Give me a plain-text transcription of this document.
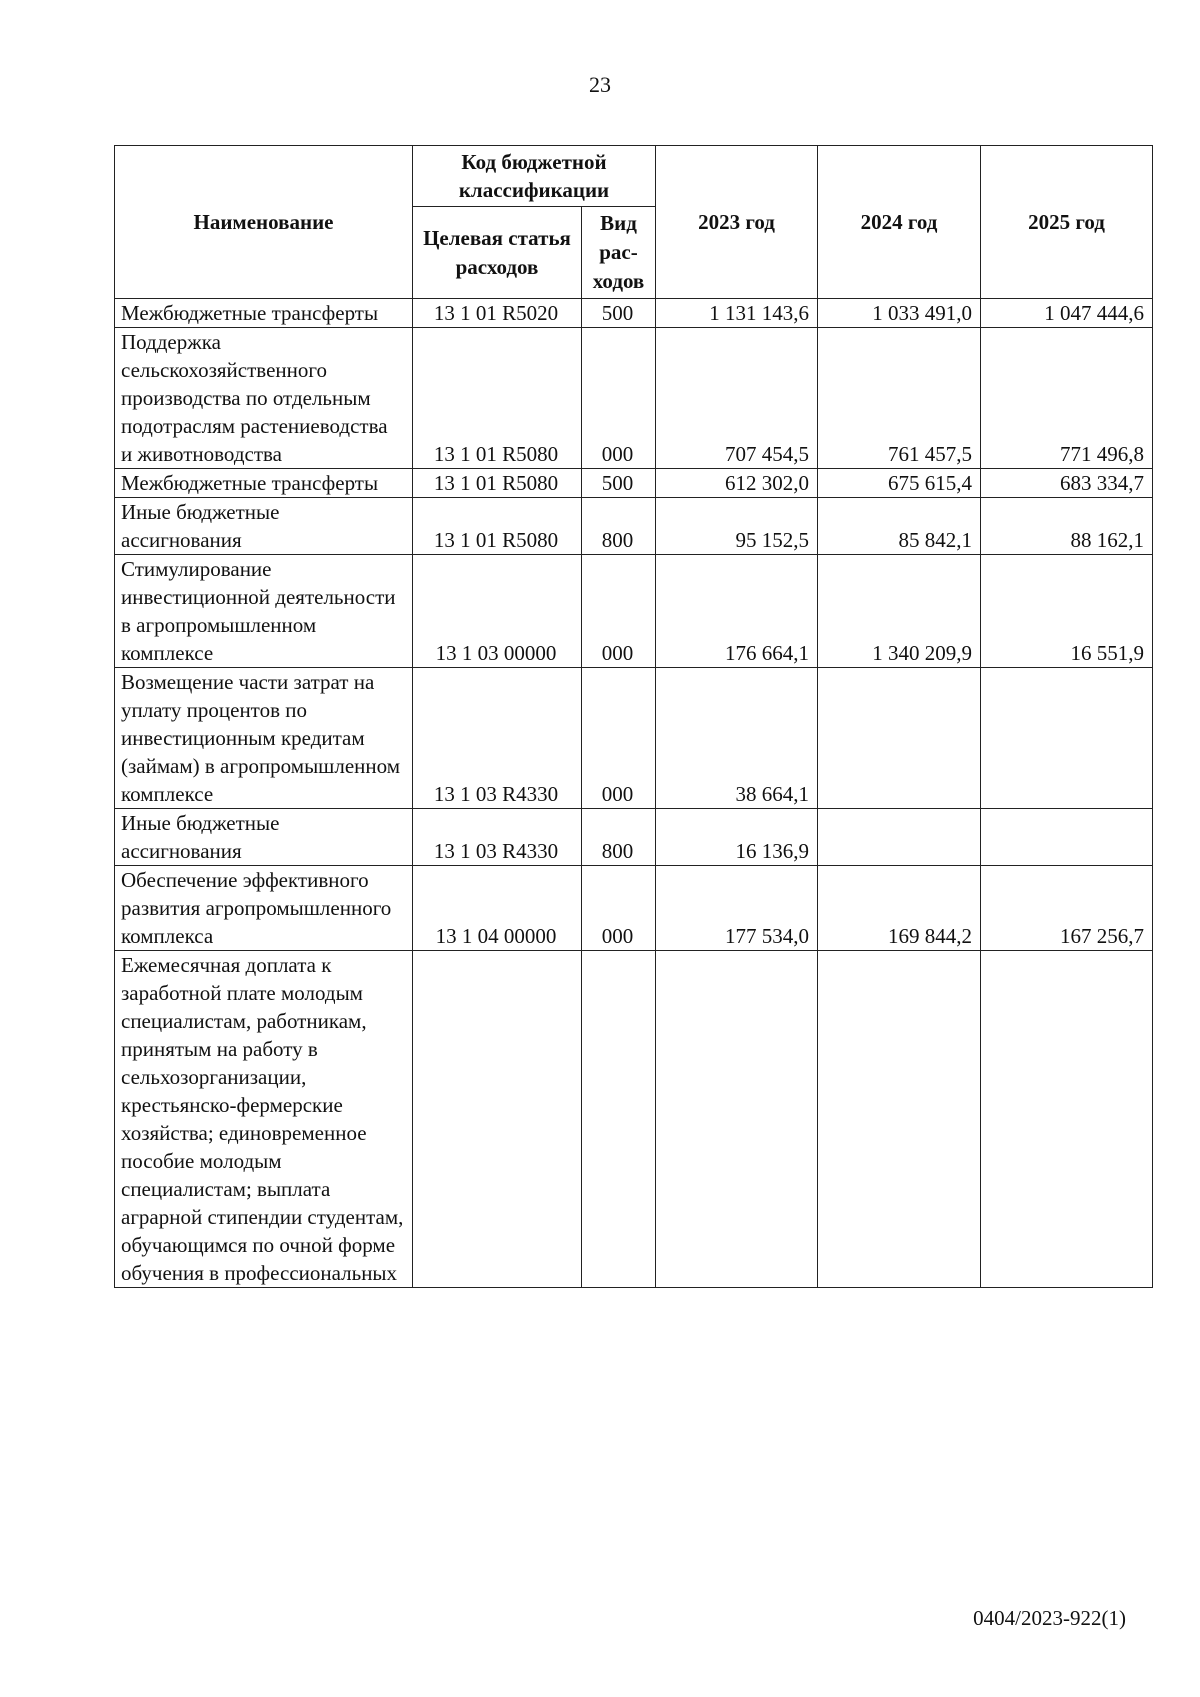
23
Наименование	Код бюджетной классификации		2023 год	2024 год	2025 год
	Целевая статья расходов	Вид рас-ходов			
Межбюджетные трансферты	13 1 01 R5020	500	1 131 143,6	1 033 491,0	1 047 444,6
Поддержка сельскохозяйственного производства по отдельным подотраслям растениеводства и животноводства	13 1 01 R5080	000	707 454,5	761 457,5	771 496,8
Межбюджетные трансферты	13 1 01 R5080	500	612 302,0	675 615,4	683 334,7
Иные бюджетные ассигнования	13 1 01 R5080	800	95 152,5	85 842,1	88 162,1
Стимулирование инвестиционной деятельности в агропромышленном комплексе	13 1 03 00000	000	176 664,1	1 340 209,9	16 551,9
Возмещение части затрат на уплату процентов по инвестиционным кредитам (займам) в агропромышленном комплексе	13 1 03 R4330	000	38 664,1		
Иные бюджетные ассигнования	13 1 03 R4330	800	16 136,9		
Обеспечение эффективного развития агропромышленного комплекса	13 1 04 00000	000	177 534,0	169 844,2	167 256,7
Ежемесячная доплата к заработной плате молодым специалистам, работникам, принятым на работу в сельхозорганизации, крестьянско-фермерские хозяйства; единовременное пособие молодым специалистам; выплата аграрной стипендии студентам, обучающимся по очной форме обучения в профессиональных					
0404/2023-922(1)
